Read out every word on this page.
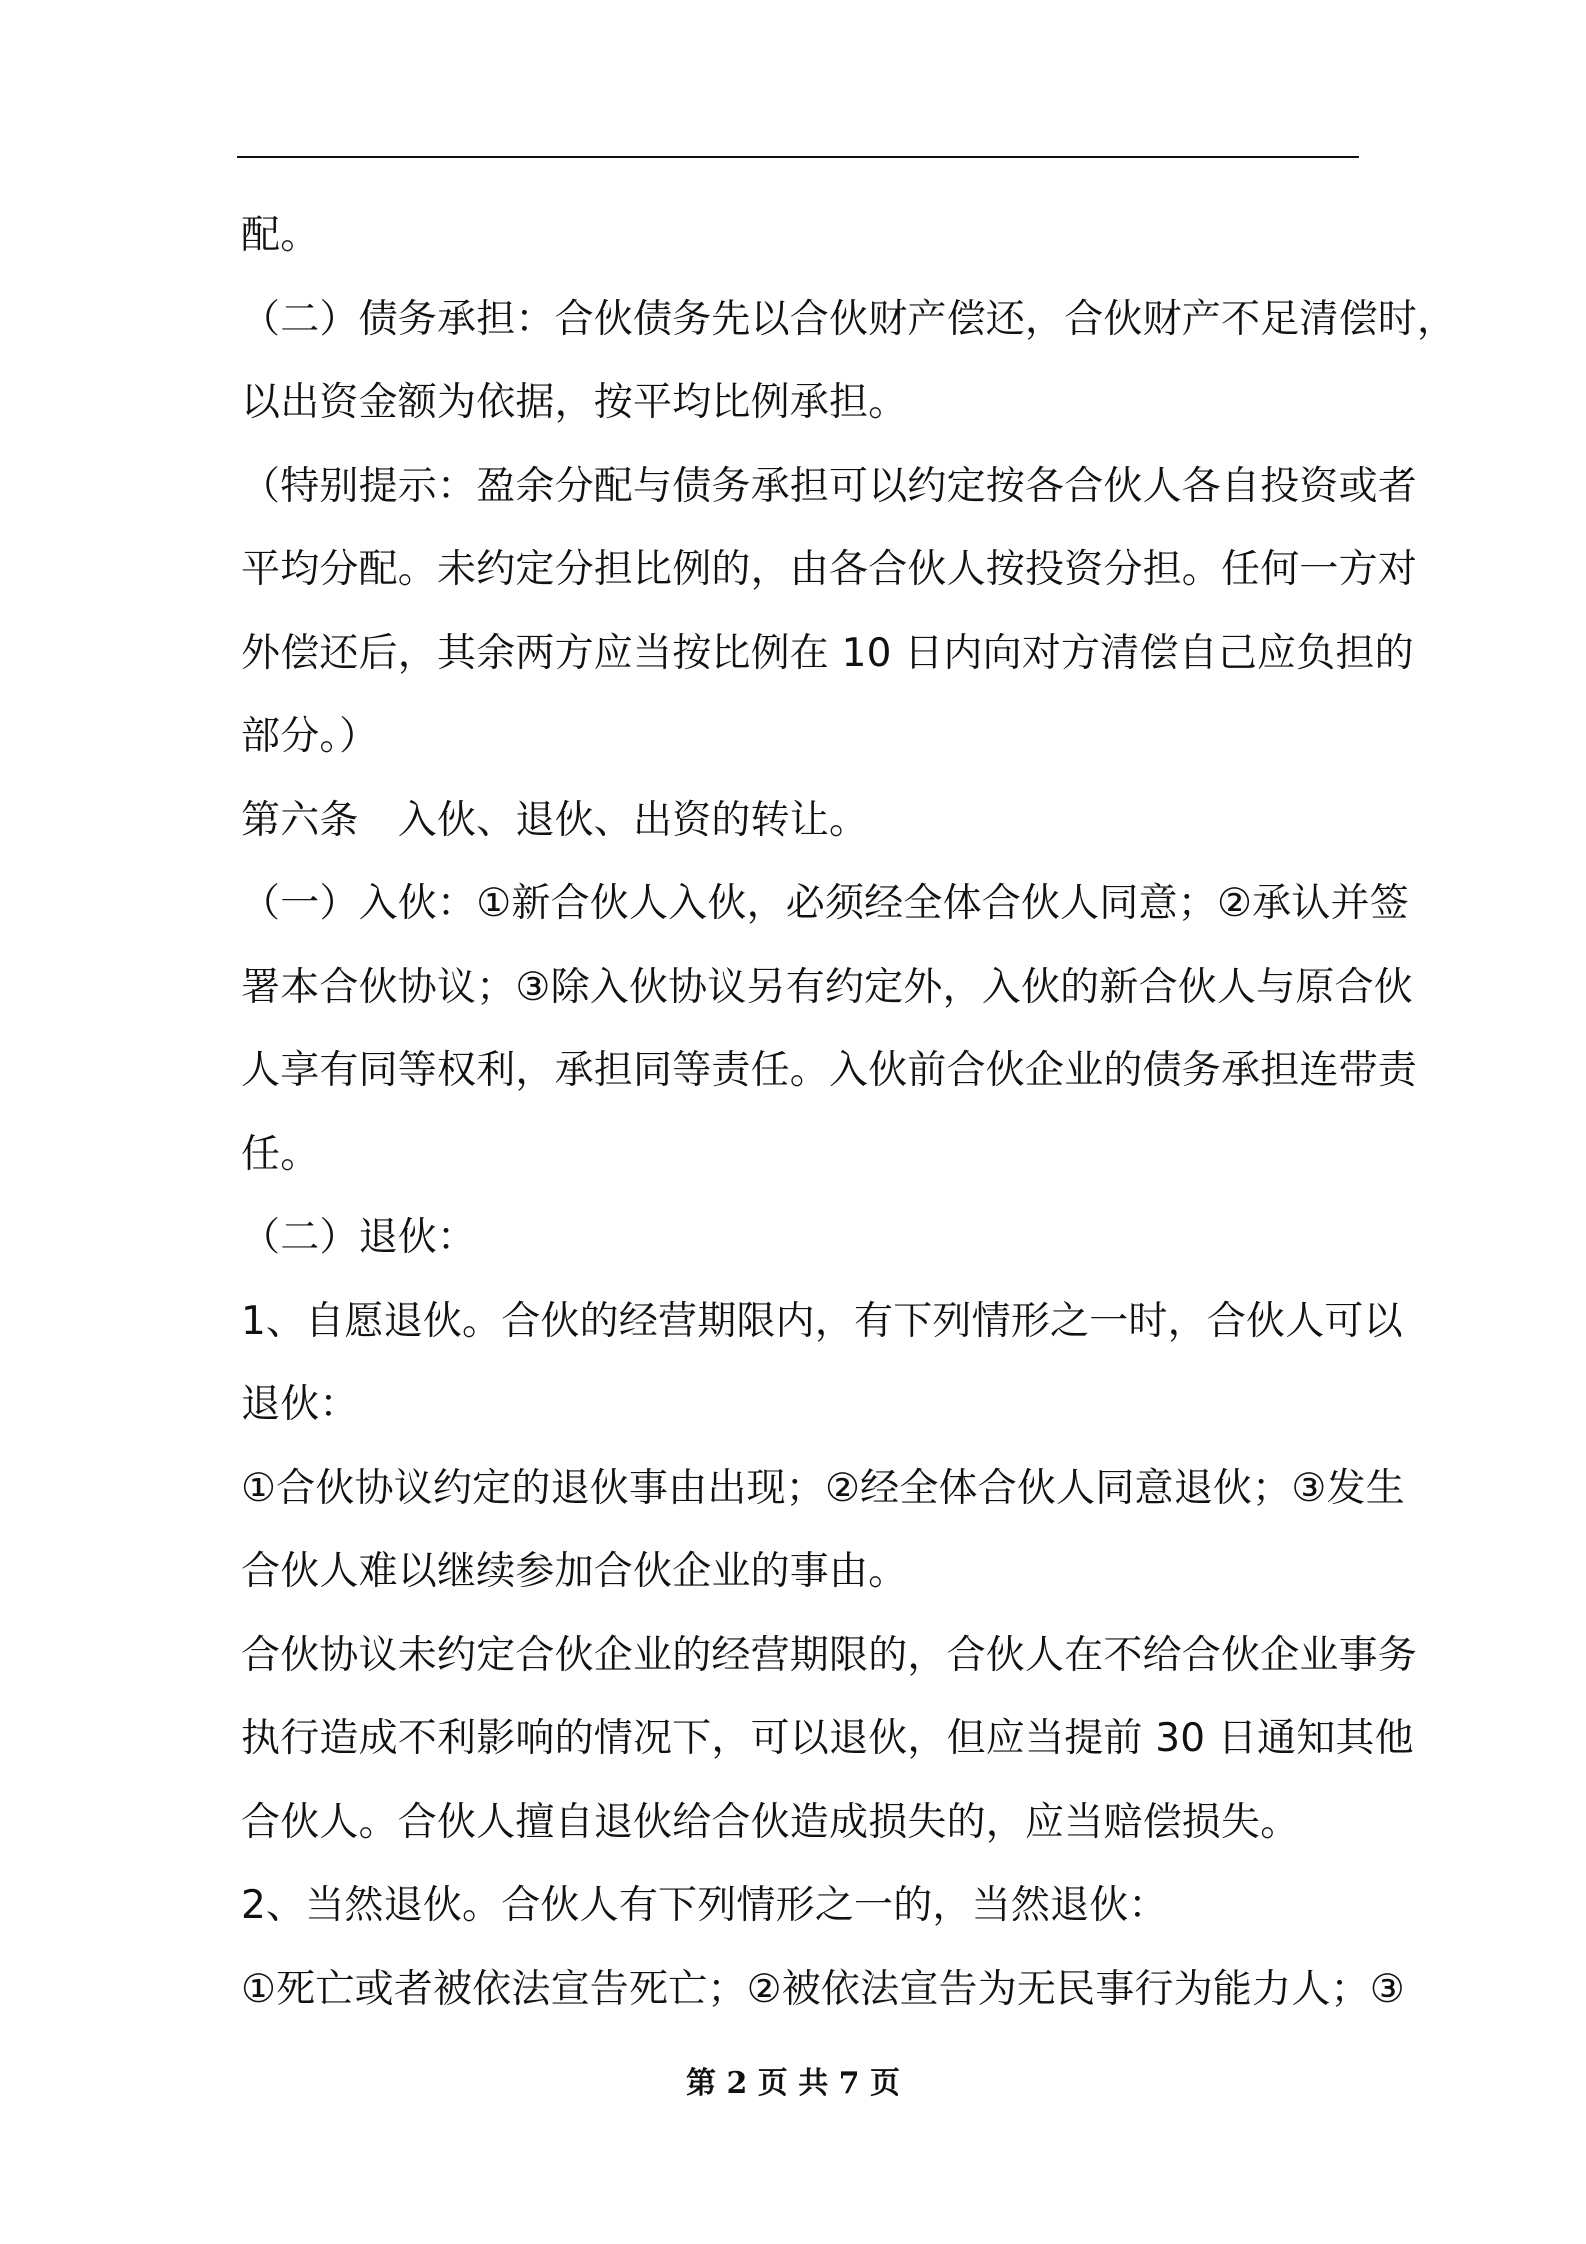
配。
（二）债务承担：合伙债务先以合伙财产偿还，合伙财产不足清偿时，
以出资金额为依据，按平均比例承担。
（特别提示：盈余分配与债务承担可以约定按各合伙人各自投资或者
平均分配。未约定分担比例的，由各合伙人按投资分担。任何一方对
外偿还后，其余两方应当按比例在 10 日内向对方清偿自己应负担的
部分。）
第六条　入伙、退伙、出资的转让。
（一）入伙：①新合伙人入伙，必须经全体合伙人同意；②承认并签
署本合伙协议；③除入伙协议另有约定外，入伙的新合伙人与原合伙
人享有同等权利，承担同等责任。入伙前合伙企业的债务承担连带责
任。
（二）退伙：
1、自愿退伙。合伙的经营期限内，有下列情形之一时，合伙人可以
退伙：
①合伙协议约定的退伙事由出现；②经全体合伙人同意退伙；③发生
合伙人难以继续参加合伙企业的事由。
合伙协议未约定合伙企业的经营期限的，合伙人在不给合伙企业事务
执行造成不利影响的情况下，可以退伙，但应当提前 30 日通知其他
合伙人。合伙人擅自退伙给合伙造成损失的，应当赔偿损失。
2、当然退伙。合伙人有下列情形之一的，当然退伙：
①死亡或者被依法宣告死亡；②被依法宣告为无民事行为能力人；③
第 2 页 共 7 页
